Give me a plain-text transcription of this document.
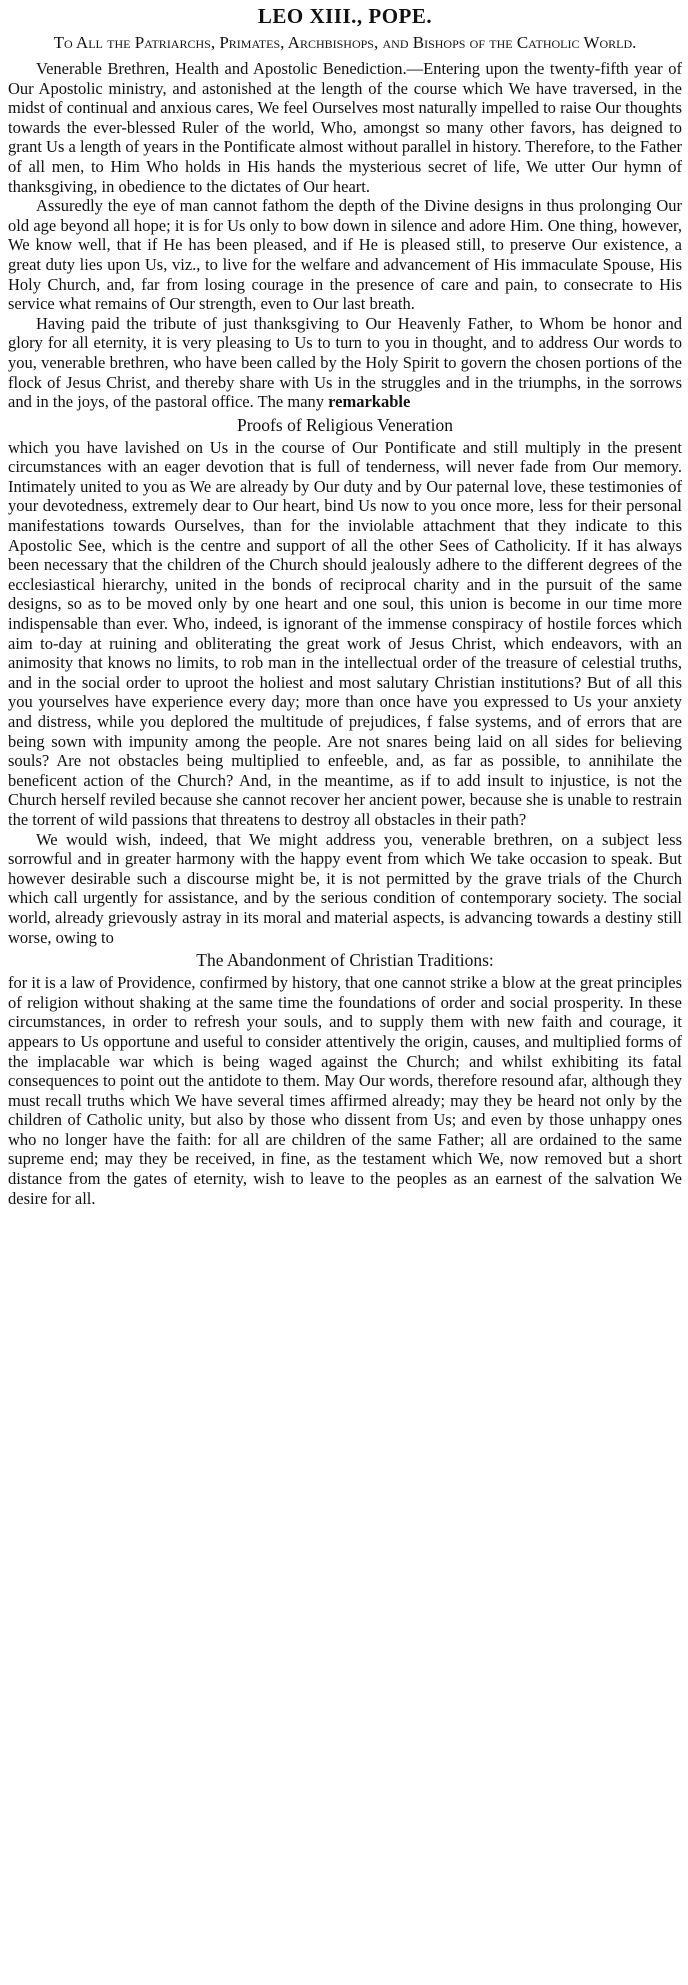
LEO XIII., POPE.
To All the Patriarchs, Primates, Archbishops, and Bishops of the Catholic World.

Venerable Brethren, Health and Apostolic Benediction.—Entering upon the twenty-fifth year of Our Apostolic ministry, and astonished at the length of the course which We have traversed, in the midst of continual and anxious cares, We feel Ourselves most naturally impelled to raise Our thoughts towards the ever-blessed Ruler of the world, Who, amongst so many other favors, has deigned to grant Us a length of years in the Pontificate almost without parallel in history. Therefore, to the Father of all men, to Him Who holds in His hands the mysterious secret of life, We utter Our hymn of thanksgiving, in obedience to the dictates of Our heart.

Assuredly the eye of man cannot fathom the depth of the Divine designs in thus prolonging Our old age beyond all hope; it is for Us only to bow down in silence and adore Him. One thing, however, We know well, that if He has been pleased, and if He is pleased still, to preserve Our existence, a great duty lies upon Us, viz., to live for the welfare and advancement of His immaculate Spouse, His Holy Church, and, far from losing courage in the presence of care and pain, to consecrate to His service what remains of Our strength, even to Our last breath.

Having paid the tribute of just thanksgiving to Our Heavenly Father, to Whom be honor and glory for all eternity, it is very pleasing to Us to turn to you in thought, and to address Our words to you, venerable brethren, who have been called by the Holy Spirit to govern the chosen portions of the flock of Jesus Christ, and thereby share with Us in the struggles and in the triumphs, in the sorrows and in the joys, of the pastoral office. The many remarkable

Proofs of Religious Veneration

which you have lavished on Us in the course of Our Pontificate and still multiply in the present circumstances with an eager devotion that is full of tenderness, will never fade from Our memory. Intimately united to you as We are already by Our duty and by Our paternal love, these testimonies of your devotedness, extremely dear to Our heart, bind Us now to you once more, less for their personal manifestations towards Ourselves, than for the inviolable attachment that they indicate to this Apostolic See, which is the centre and support of all the other Sees of Catholicity. If it has always been necessary that the children of the Church should jealously adhere to the different degrees of the ecclesiastical hierarchy, united in the bonds of reciprocal charity and in the pursuit of the same designs, so as to be moved only by one heart and one soul, this union is become in our time more indispensable than ever. Who, indeed, is ignorant of the immense conspiracy of hostile forces which aim to-day at ruining and obliterating the great work of Jesus Christ, which endeavors, with an animosity that knows no limits, to rob man in the intellectual order of the treasure of celestial truths, and in the social order to uproot the holiest and most salutary Christian institutions? But of all this you yourselves have experience every day; more than once have you expressed to Us your anxiety and distress, while you deplored the multitude of prejudices, f false systems, and of errors that are being sown with impunity among the people. Are not snares being laid on all sides for believing souls? Are not obstacles being multiplied to enfeeble, and, as far as possible, to annihilate the beneficent action of the Church? And, in the meantime, as if to add insult to injustice, is not the Church herself reviled because she cannot recover her ancient power, because she is unable to restrain the torrent of wild passions that threatens to destroy all obstacles in their path?

We would wish, indeed, that We might address you, venerable brethren, on a subject less sorrowful and in greater harmony with the happy event from which We take occasion to speak. But however desirable such a discourse might be, it is not permitted by the grave trials of the Church which call urgently for assistance, and by the serious condition of contemporary society. The social world, already grievously astray in its moral and material aspects, is advancing towards a destiny still worse, owing to

The Abandonment of Christian Traditions:

for it is a law of Providence, confirmed by history, that one cannot strike a blow at the great principles of religion without shaking at the same time the foundations of order and social prosperity. In these circumstances, in order to refresh your souls, and to supply them with new faith and courage, it appears to Us opportune and useful to consider attentively the origin, causes, and multiplied forms of the implacable war which is being waged against the Church; and whilst exhibiting its fatal consequences to point out the antidote to them. May Our words, therefore resound afar, although they must recall truths which We have several times affirmed already; may they be heard not only by the children of Catholic unity, but also by those who dissent from Us; and even by those unhappy ones who no longer have the faith: for all are children of the same Father; all are ordained to the same supreme end; may they be received, in fine, as the testament which We, now removed but a short distance from the gates of eternity, wish to leave to the peoples as an earnest of the salvation We desire for all.
